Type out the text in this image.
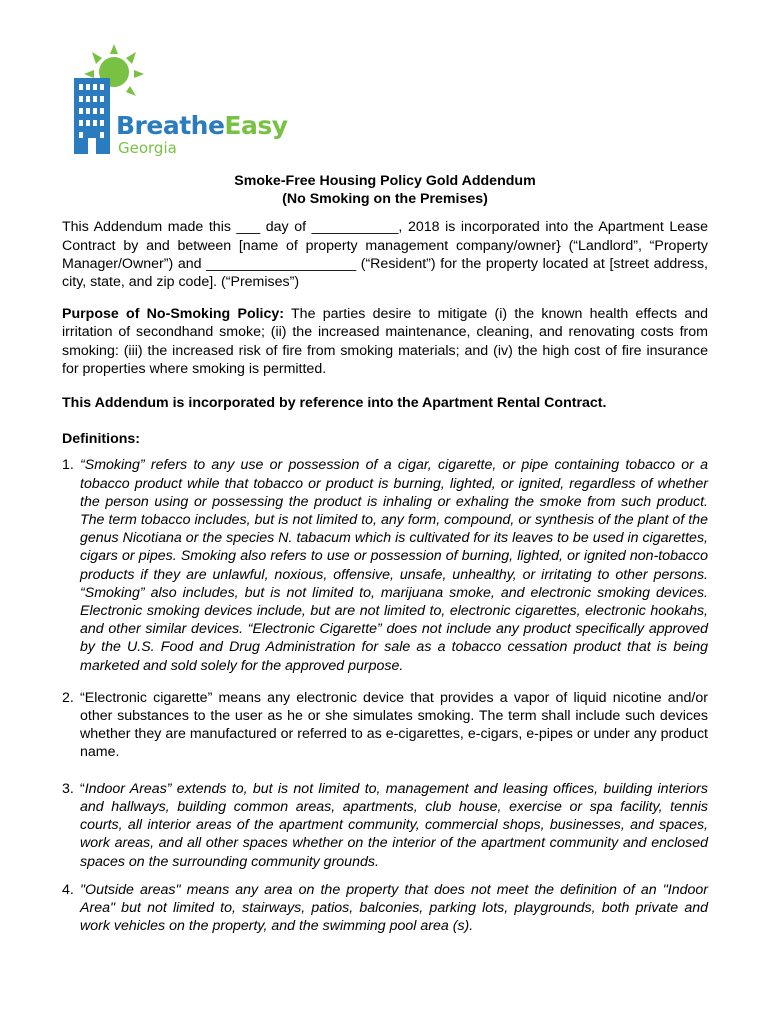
BreatheEasy
Georgia

Smoke-Free Housing Policy Gold Addendum

(No Smoking on the Premises)

This Addendum made this ___ day of ___________, 2018 is incorporated into the Apartment Lease Contract by and between [name of property management company/owner} (“Landlord”, “Property Manager/Owner”) and ___________________ (“Resident”) for the property located at [street address, city, state, and zip code]. (“Premises”)

Purpose of No-Smoking Policy: The parties desire to mitigate (i) the known health effects and irritation of secondhand smoke; (ii) the increased maintenance, cleaning, and renovating costs from smoking: (iii) the increased risk of fire from smoking materials; and (iv) the high cost of fire insurance for properties where smoking is permitted.

This Addendum is incorporated by reference into the Apartment Rental Contract.

Definitions:

1. “Smoking” refers to any use or possession of a cigar, cigarette, or pipe containing tobacco or a tobacco product while that tobacco or product is burning, lighted, or ignited, regardless of whether the person using or possessing the product is inhaling or exhaling the smoke from such product. The term tobacco includes, but is not limited to, any form, compound, or synthesis of the plant of the genus Nicotiana or the species N. tabacum which is cultivated for its leaves to be used in cigarettes, cigars or pipes. Smoking also refers to use or possession of burning, lighted, or ignited non-tobacco products if they are unlawful, noxious, offensive, unsafe, unhealthy, or irritating to other persons. “Smoking” also includes, but is not limited to, marijuana smoke, and electronic smoking devices. Electronic smoking devices include, but are not limited to, electronic cigarettes, electronic hookahs, and other similar devices. “Electronic Cigarette” does not include any product specifically approved by the U.S. Food and Drug Administration for sale as a tobacco cessation product that is being marketed and sold solely for the approved purpose.
2. “Electronic cigarette” means any electronic device that provides a vapor of liquid nicotine and/or other substances to the user as he or she simulates smoking. The term shall include such devices whether they are manufactured or referred to as e-cigarettes, e-cigars, e-pipes or under any product name.
3. “Indoor Areas” extends to, but is not limited to, management and leasing offices, building interiors and hallways, building common areas, apartments, club house, exercise or spa facility, tennis courts, all interior areas of the apartment community, commercial shops, businesses, and spaces, work areas, and all other spaces whether on the interior of the apartment community and enclosed spaces on the surrounding community grounds.
4. "Outside areas" means any area on the property that does not meet the definition of an "Indoor Area" but not limited to, stairways, patios, balconies, parking lots, playgrounds, both private and work vehicles on the property, and the swimming pool area (s).
